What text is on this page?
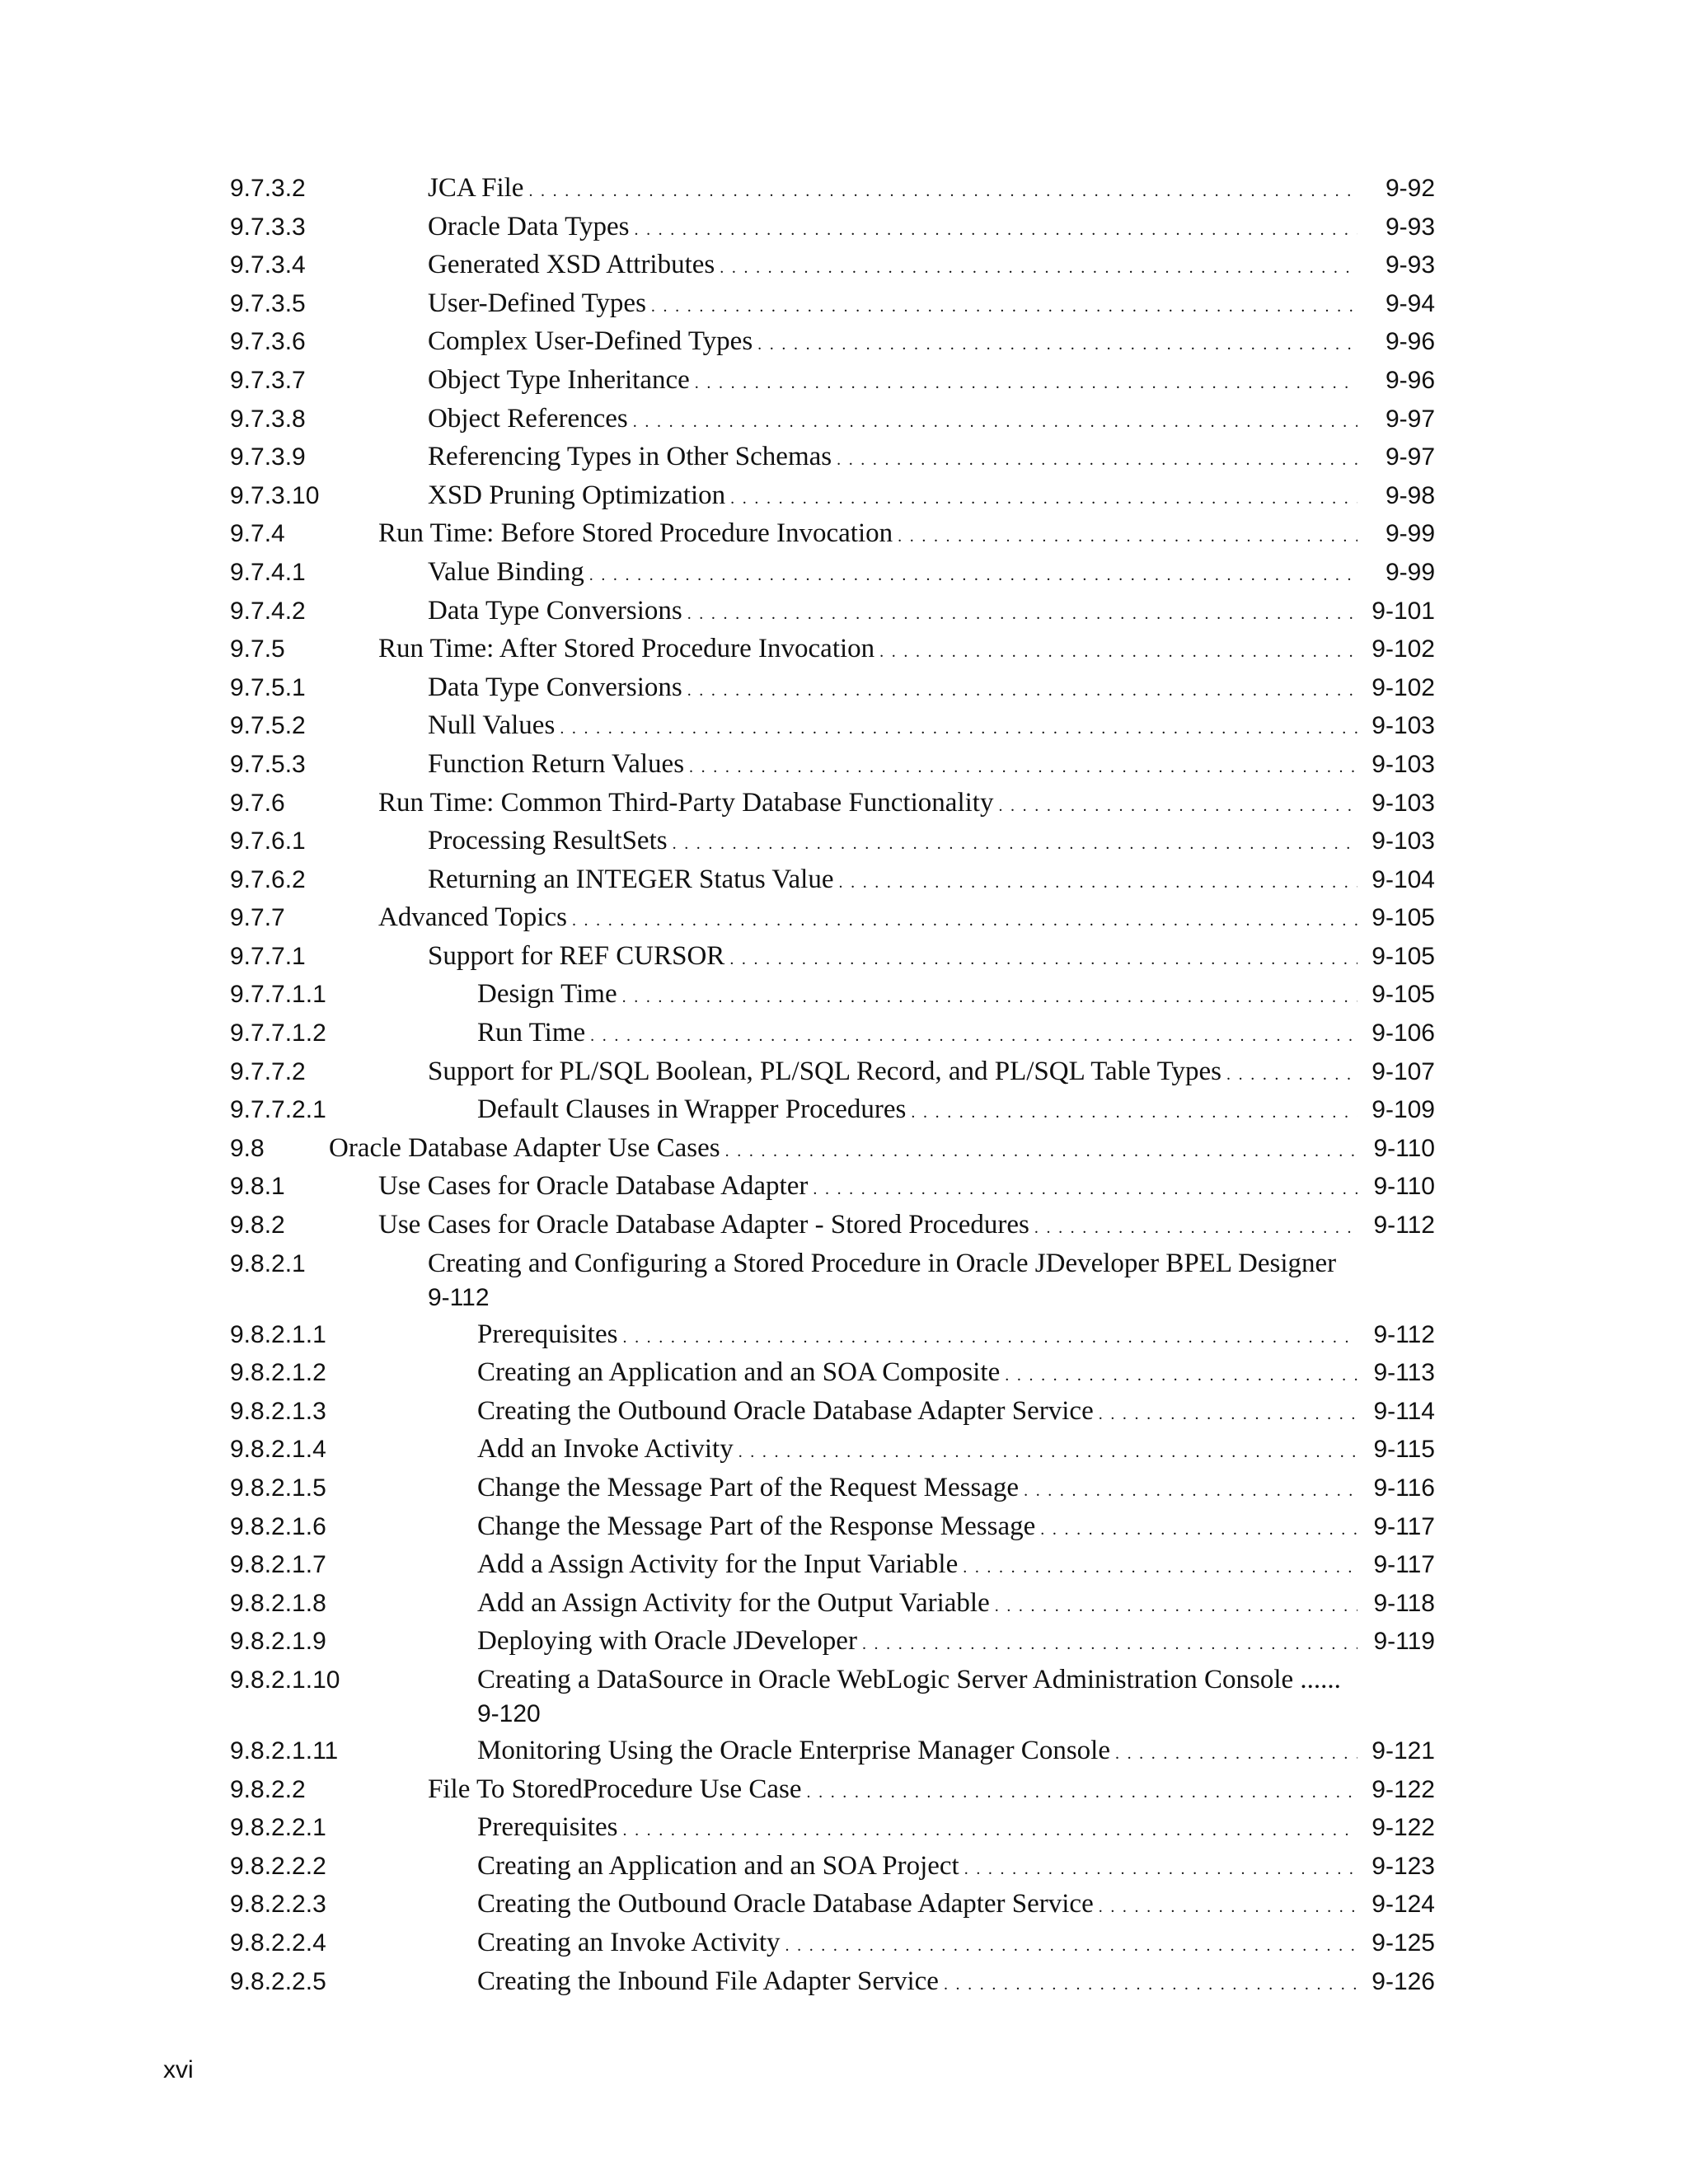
9.7.3.2	JCA File . . .	9-92
9.7.3.3	Oracle Data Types . . .	9-93
9.7.3.4	Generated XSD Attributes . . .	9-93
9.7.3.5	User-Defined Types . . .	9-94
9.7.3.6	Complex User-Defined Types . . .	9-96
9.7.3.7	Object Type Inheritance . . .	9-96
9.7.3.8	Object References . . .	9-97
9.7.3.9	Referencing Types in Other Schemas . . .	9-97
9.7.3.10	XSD Pruning Optimization . . .	9-98
9.7.4	Run Time: Before Stored Procedure Invocation . . .	9-99
9.7.4.1	Value Binding . . .	9-99
9.7.4.2	Data Type Conversions . . .	9-101
9.7.5	Run Time: After Stored Procedure Invocation . . .	9-102
9.7.5.1	Data Type Conversions . . .	9-102
9.7.5.2	Null Values . . .	9-103
9.7.5.3	Function Return Values . . .	9-103
9.7.6	Run Time: Common Third-Party Database Functionality . . .	9-103
9.7.6.1	Processing ResultSets . . .	9-103
9.7.6.2	Returning an INTEGER Status Value . . .	9-104
9.7.7	Advanced Topics . . .	9-105
9.7.7.1	Support for REF CURSOR . . .	9-105
9.7.7.1.1	Design Time . . .	9-105
9.7.7.1.2	Run Time . . .	9-106
9.7.7.2	Support for PL/SQL Boolean, PL/SQL Record, and PL/SQL Table Types . . .	9-107
9.7.7.2.1	Default Clauses in Wrapper Procedures . . .	9-109
9.8 Oracle Database Adapter Use Cases . . .	9-110
9.8.1	Use Cases for Oracle Database Adapter . . .	9-110
9.8.2	Use Cases for Oracle Database Adapter - Stored Procedures . . .	9-112
9.8.2.1	Creating and Configuring a Stored Procedure in Oracle JDeveloper BPEL Designer
9-112
9.8.2.1.1	Prerequisites . . .	9-112
9.8.2.1.2	Creating an Application and an SOA Composite . . .	9-113
9.8.2.1.3	Creating the Outbound Oracle Database Adapter Service . . .	9-114
9.8.2.1.4	Add an Invoke Activity . . .	9-115
9.8.2.1.5	Change the Message Part of the Request Message . . .	9-116
9.8.2.1.6	Change the Message Part of the Response Message . . .	9-117
9.8.2.1.7	Add a Assign Activity for the Input Variable . . .	9-117
9.8.2.1.8	Add an Assign Activity for the Output Variable . . .	9-118
9.8.2.1.9	Deploying with Oracle JDeveloper . . .	9-119
9.8.2.1.10	Creating a DataSource in Oracle WebLogic Server Administration Console ......
9-120
9.8.2.1.11	Monitoring Using the Oracle Enterprise Manager Console . . .	9-121
9.8.2.2	File To StoredProcedure Use Case . . .	9-122
9.8.2.2.1	Prerequisites . . .	9-122
9.8.2.2.2	Creating an Application and an SOA Project . . .	9-123
9.8.2.2.3	Creating the Outbound Oracle Database Adapter Service . . .	9-124
9.8.2.2.4	Creating an Invoke Activity . . .	9-125
9.8.2.2.5	Creating the Inbound File Adapter Service . . .	9-126
xvi
